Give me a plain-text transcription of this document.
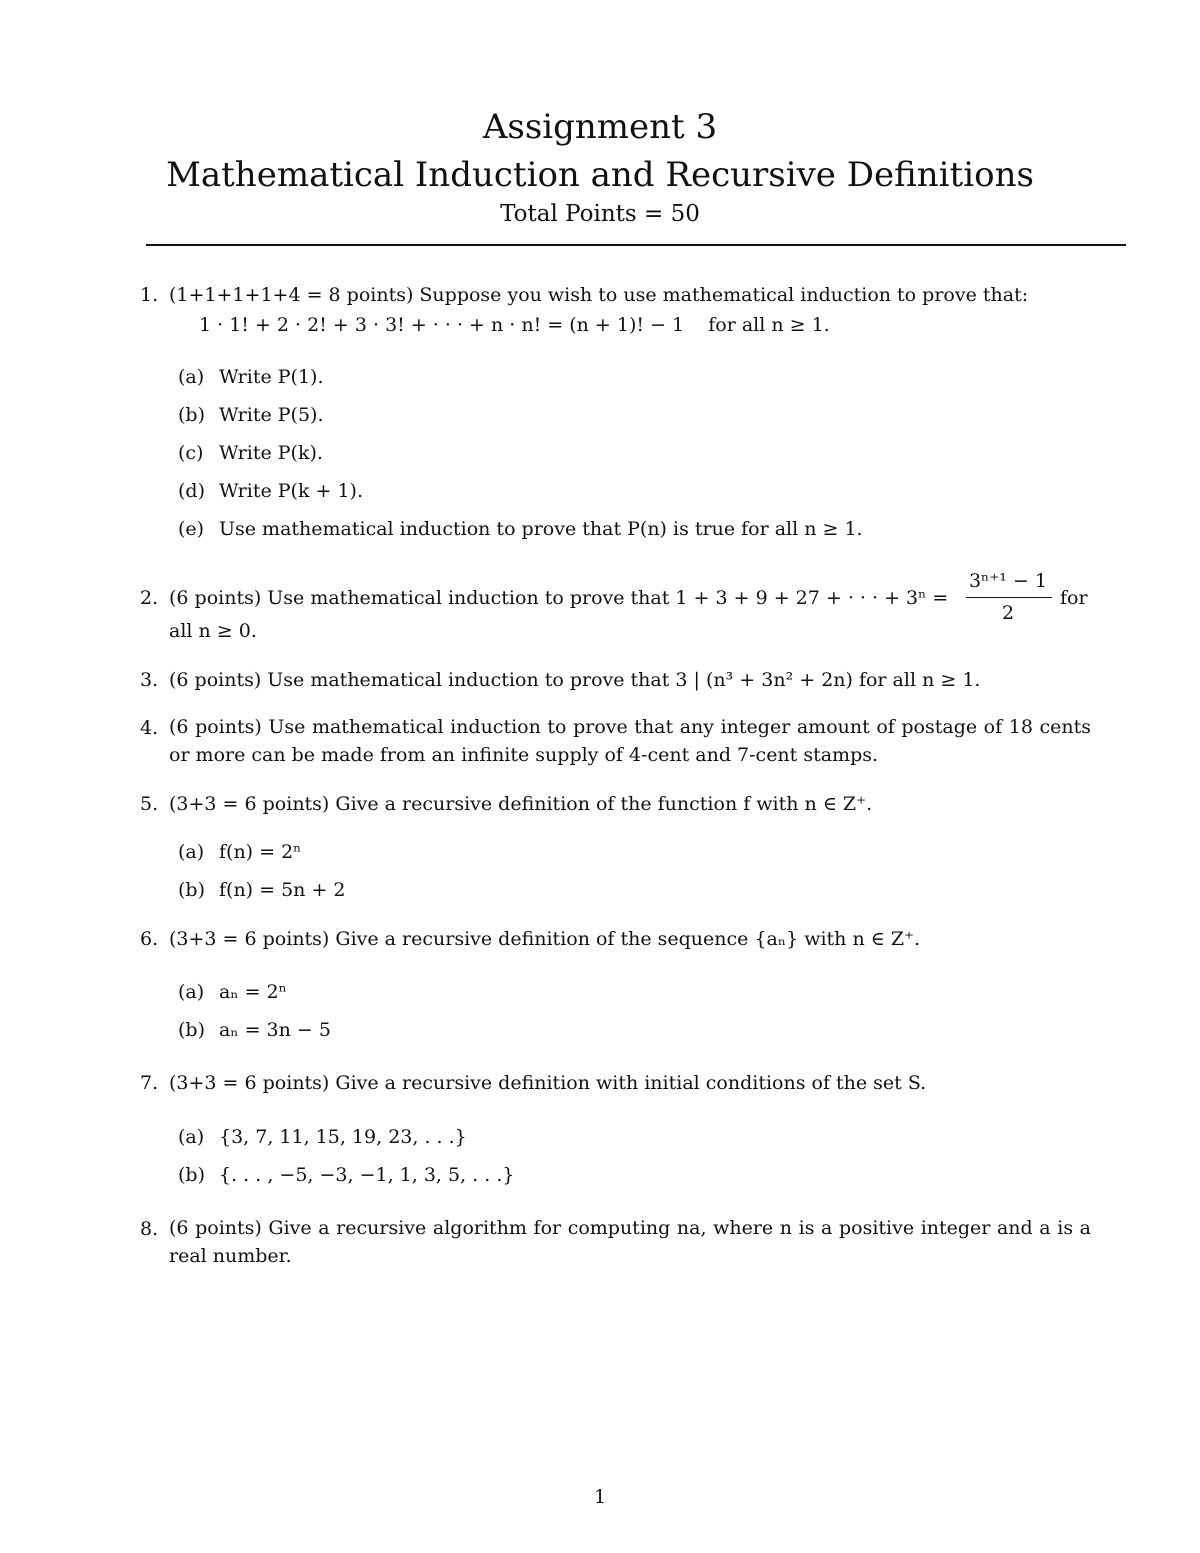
Assignment 3
Mathematical Induction and Recursive Definitions
Total Points = 50
1. (1+1+1+1+4 = 8 points) Suppose you wish to use mathematical induction to prove that:
1 · 1! + 2 · 2! + 3 · 3! + · · · + n · n! = (n + 1)! − 1    for all n ≥ 1.
(a) Write P(1).
(b) Write P(5).
(c) Write P(k).
(d) Write P(k + 1).
(e) Use mathematical induction to prove that P(n) is true for all n ≥ 1.
2. (6 points) Use mathematical induction to prove that 1 + 3 + 9 + 27 + · · · + 3ⁿ =
3ⁿ⁺¹ − 1
2
for
all n ≥ 0.
3. (6 points) Use mathematical induction to prove that 3 | (n³ + 3n² + 2n) for all n ≥ 1.
4. (6 points) Use mathematical induction to prove that any integer amount of postage of 18 cents or more can be made from an infinite supply of 4-cent and 7-cent stamps.
5. (3+3 = 6 points) Give a recursive definition of the function f with n ∈ Z⁺.
(a) f(n) = 2ⁿ
(b) f(n) = 5n + 2
6. (3+3 = 6 points) Give a recursive definition of the sequence {aₙ} with n ∈ Z⁺.
(a) aₙ = 2ⁿ
(b) aₙ = 3n − 5
7. (3+3 = 6 points) Give a recursive definition with initial conditions of the set S.
(a) {3, 7, 11, 15, 19, 23, . . .}
(b) {. . . , −5, −3, −1, 1, 3, 5, . . .}
8. (6 points) Give a recursive algorithm for computing na, where n is a positive integer and a is a real number.
1
